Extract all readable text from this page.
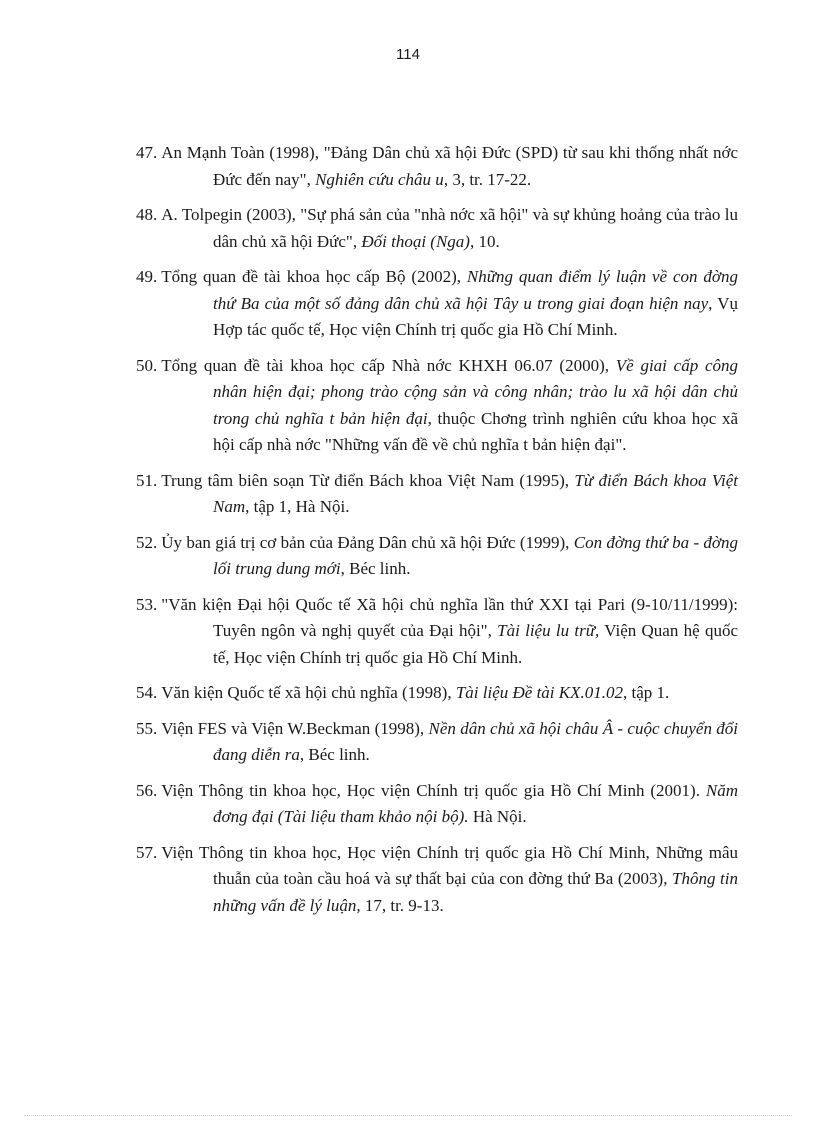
114
47. An Mạnh Toàn (1998), "Đảng Dân chủ xã hội Đức (SPD) từ sau khi thống nhất nớc Đức đến nay", Nghiên cứu châu u, 3, tr. 17-22.
48. A. Tolpegin (2003), "Sự phá sản của "nhà nớc xã hội" và sự khủng hoảng của trào lu dân chủ xã hội Đức", Đối thoại (Nga), 10.
49. Tổng quan đề tài khoa học cấp Bộ (2002), Những quan điểm lý luận về con đờng thứ Ba của một số đảng dân chủ xã hội Tây u trong giai đoạn hiện nay, Vụ Hợp tác quốc tế, Học viện Chính trị quốc gia Hồ Chí Minh.
50. Tổng quan đề tài khoa học cấp Nhà nớc KHXH 06.07 (2000), Về giai cấp công nhân hiện đại; phong trào cộng sản và công nhân; trào lu xã hội dân chủ trong chủ nghĩa t bản hiện đại, thuộc Chơng trình nghiên cứu khoa học xã hội cấp nhà nớc "Những vấn đề về chủ nghĩa t bản hiện đại".
51. Trung tâm biên soạn Từ điển Bách khoa Việt Nam (1995), Từ điển Bách khoa Việt Nam, tập 1, Hà Nội.
52. Ủy ban giá trị cơ bản của Đảng Dân chủ xã hội Đức (1999), Con đờng thứ ba - đờng lối trung dung mới, Béc linh.
53. "Văn kiện Đại hội Quốc tế Xã hội chủ nghĩa lần thứ XXI tại Pari (9-10/11/1999): Tuyên ngôn và nghị quyết của Đại hội", Tài liệu lu trữ, Viện Quan hệ quốc tế, Học viện Chính trị quốc gia Hồ Chí Minh.
54. Văn kiện Quốc tế xã hội chủ nghĩa (1998), Tài liệu Đề tài KX.01.02, tập 1.
55. Viện FES và Viện W.Beckman (1998), Nền dân chủ xã hội châu Â - cuộc chuyển đổi đang diễn ra, Béc linh.
56. Viện Thông tin khoa học, Học viện Chính trị quốc gia Hồ Chí Minh (2001). Năm đơng đại (Tài liệu tham khảo nội bộ). Hà Nội.
57. Viện Thông tin khoa học, Học viện Chính trị quốc gia Hồ Chí Minh, Những mâu thuẫn của toàn cầu hoá và sự thất bại của con đờng thứ Ba (2003), Thông tin những vấn đề lý luận, 17, tr. 9-13.
